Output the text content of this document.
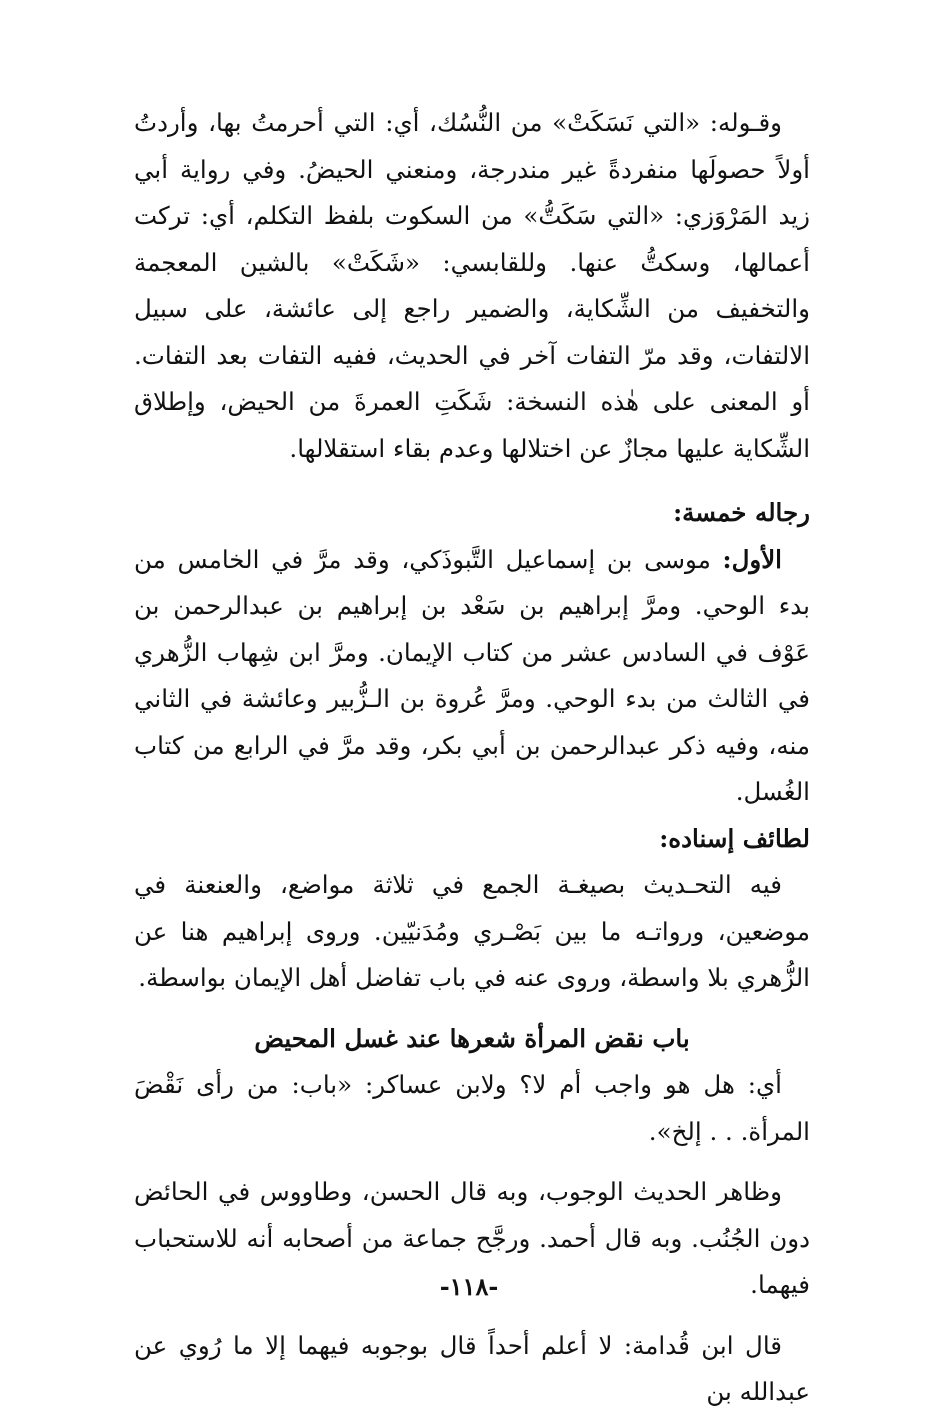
وقـوله: «التي نَسَكَتْ» من النُّسُك، أي: التي أحرمتُ بها، وأردتُ أولاً حصولَها منفردةً غير مندرجة، ومنعني الحيضُ. وفي رواية أبي زيد المَرْوَزي: «التي سَكَتُّ» من السكوت بلفظ التكلم، أي: تركت أعمالها، وسكتُّ عنها. وللقابسي: «شَكَتْ» بالشين المعجمة والتخفيف من الشِّكاية، والضمير راجع إلى عائشة، على سبيل الالتفات، وقد مرّ التفات آخر في الحديث، ففيه التفات بعد التفات. أو المعنى على هٰذه النسخة: شَكَتِ العمرةَ من الحيض، وإطلاق الشِّكاية عليها مجازٌ عن اختلالها وعدم بقاء استقلالها.

رجاله خمسة:

الأول: موسى بن إسماعيل التَّبوذَكي، وقد مرَّ في الخامس من بدء الوحي. ومرَّ إبراهيم بن سَعْد بن إبراهيم بن عبدالرحمن بن عَوْف في السادس عشر من كتاب الإيمان. ومرَّ ابن شِهاب الزُّهري في الثالث من بدء الوحي. ومرَّ عُروة بن الـزُّبير وعائشة في الثاني منه، وفيه ذكر عبدالرحمن بن أبي بكر، وقد مرَّ في الرابع من كتاب الغُسل.

لطائف إسناده:

فيه التحـديث بصيغـة الجمع في ثلاثة مواضع، والعنعنة في موضعين، ورواتـه ما بين بَصْـري ومُدَنيّين. وروى إبراهيم هنا عن الزُّهري بلا واسطة، وروى عنه في باب تفاضل أهل الإيمان بواسطة.

باب نقض المرأة شعرها عند غسل المحيض

أي: هل هو واجب أم لا؟ ولابن عساكر: «باب: من رأى نَقْضَ المرأة. . . إلخ».

وظاهر الحديث الوجوب، وبه قال الحسن، وطاووس في الحائض دون الجُنُب. وبه قال أحمد. ورجَّح جماعة من أصحابه أنه للاستحباب فيهما.

قال ابن قُدامة: لا أعلم أحداً قال بوجوبه فيهما إلا ما رُوي عن عبدالله بن

-١١٨-
